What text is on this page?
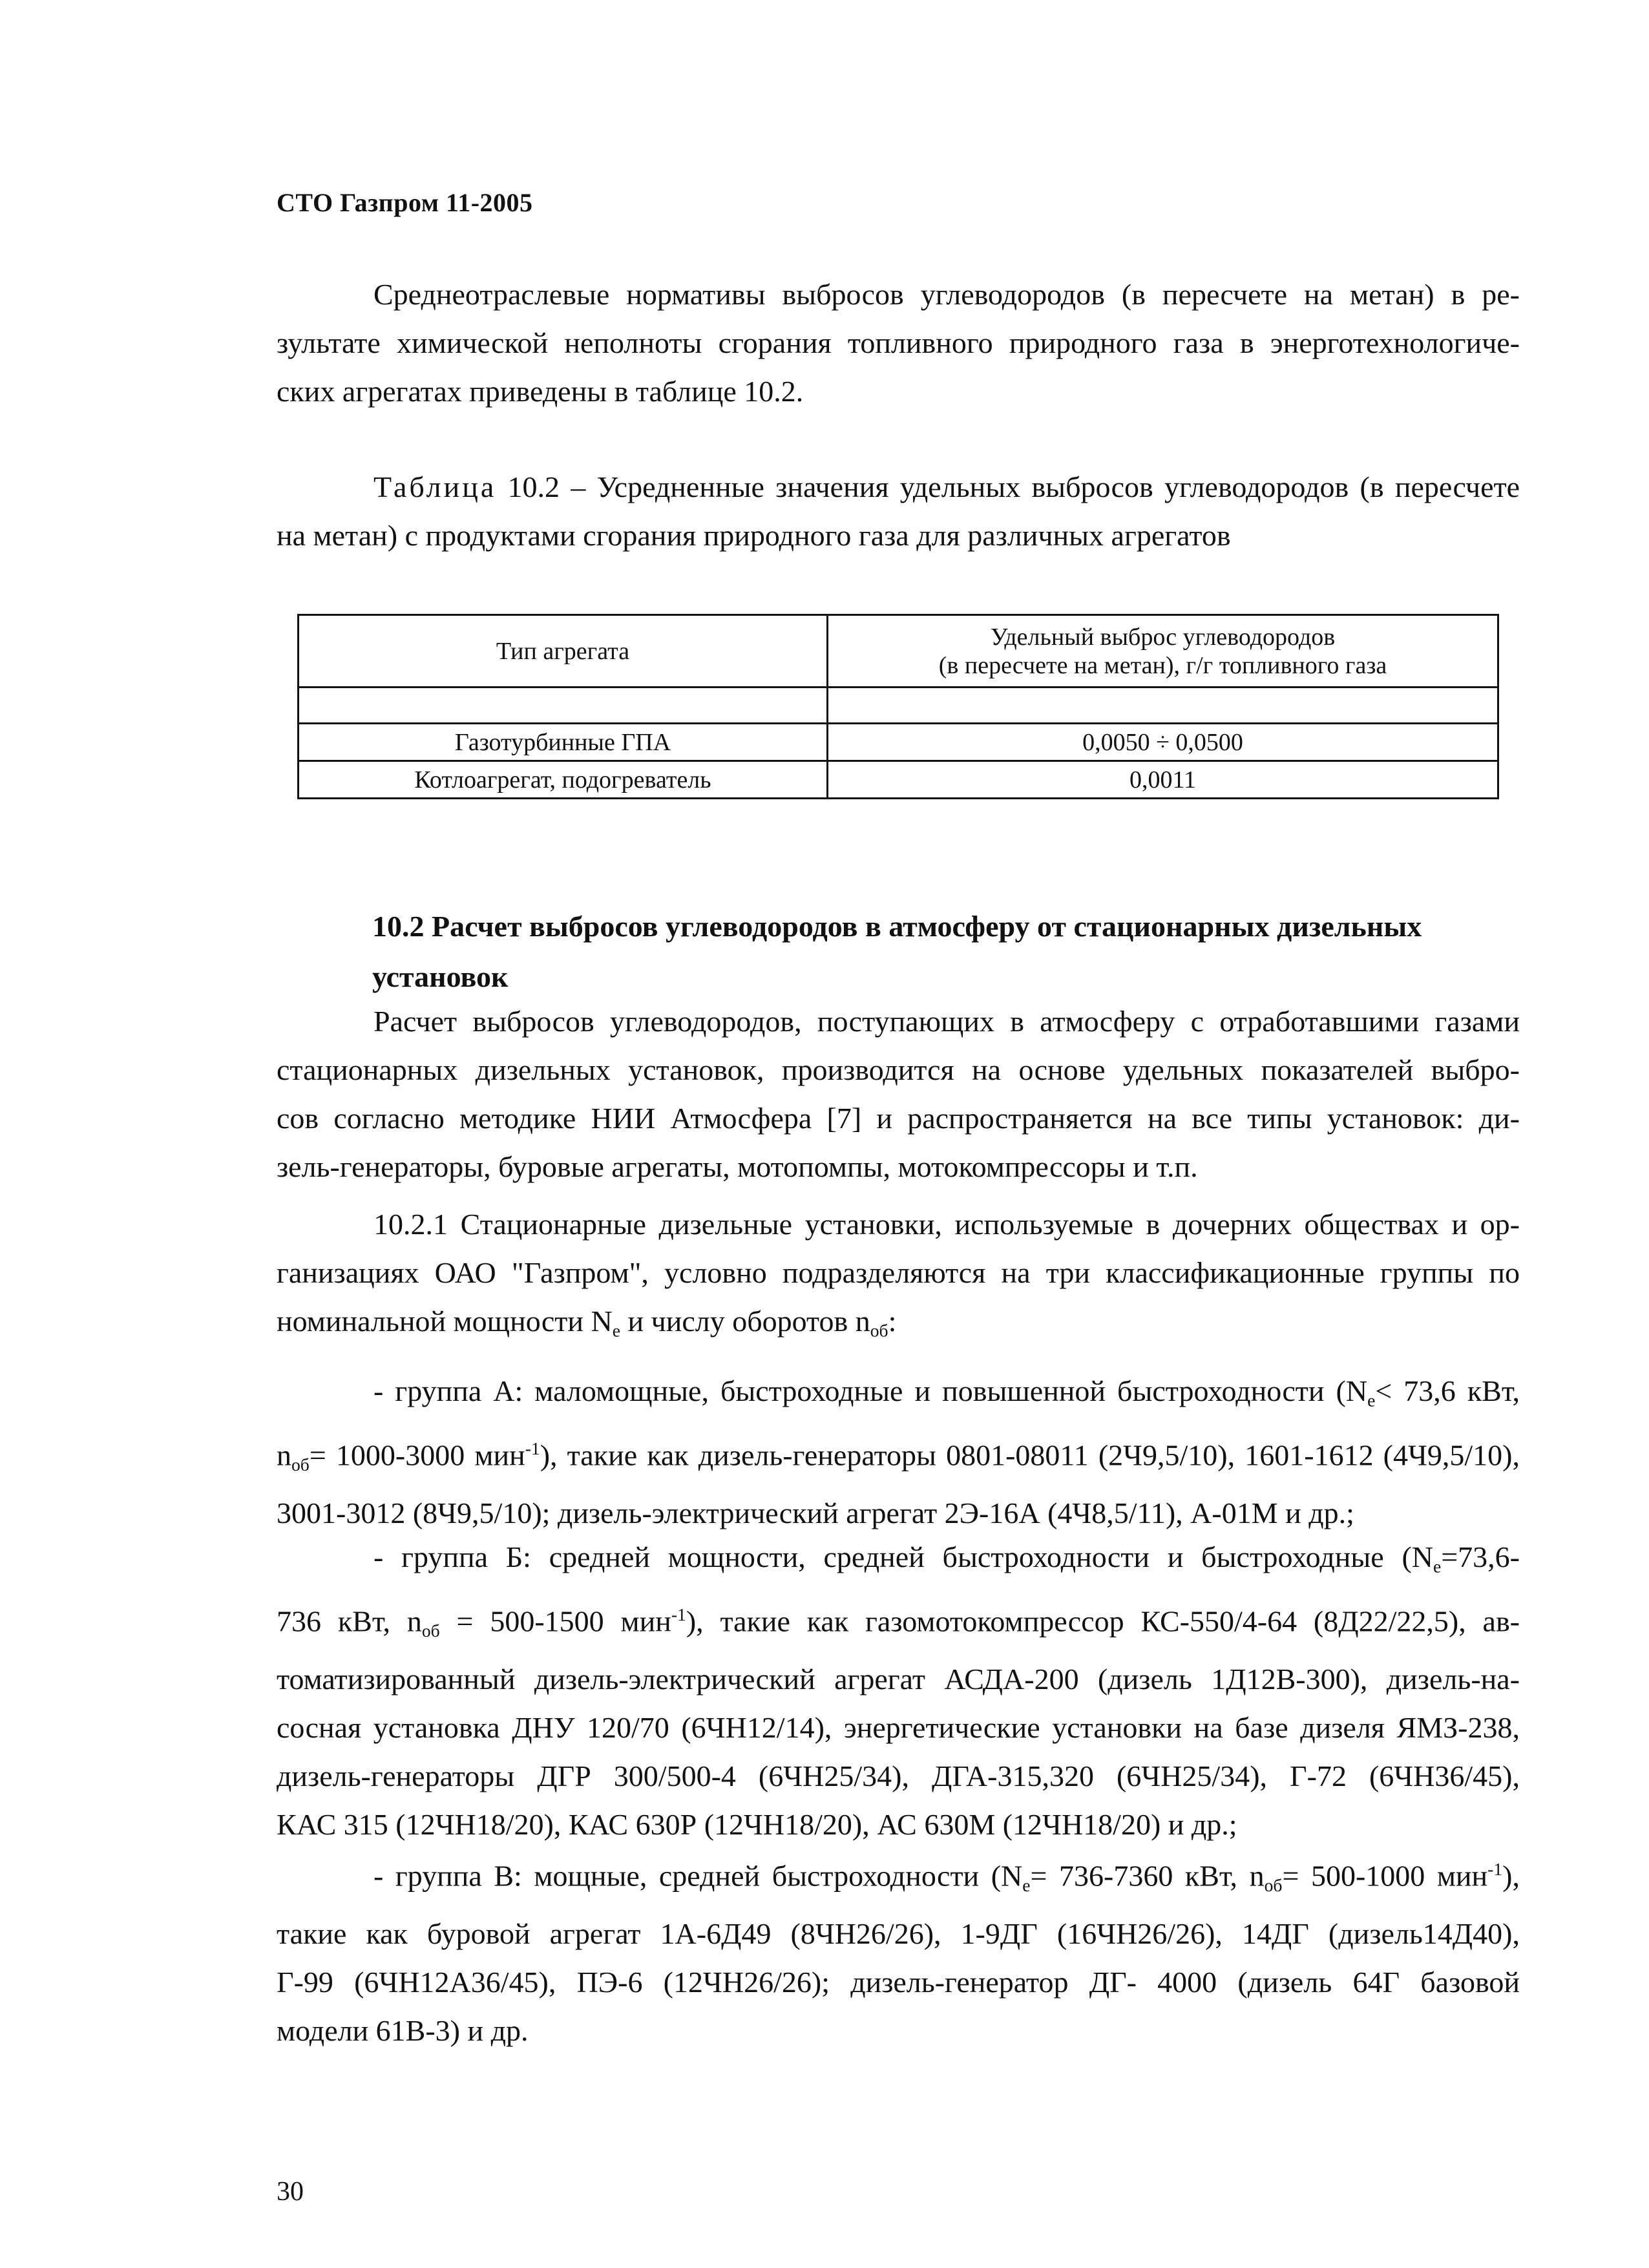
СТО Газпром 11-2005
Среднеотраслевые нормативы выбросов углеводородов (в пересчете на метан) в ре-
зультате химической неполноты сгорания топливного природного газа в энерготехнологиче-
ских агрегатах приведены в таблице 10.2.
Таблица 10.2 – Усредненные значения удельных выбросов углеводородов (в пересчете
на метан) с продуктами сгорания природного газа для различных агрегатов
Тип агрегата	Удельный выброс углеводородов
(в пересчете на метан), г/г топливного газа

Газотурбинные ГПА	0,0050 ÷ 0,0500
Котлоагрегат, подогреватель	0,0011
10.2 Расчет выбросов углеводородов в атмосферу от стационарных дизельных
установок
Расчет выбросов углеводородов, поступающих в атмосферу с отработавшими газами
стационарных дизельных установок, производится на основе удельных показателей выбро-
сов согласно методике НИИ Атмосфера [7] и распространяется на все типы установок: ди-
зель-генераторы, буровые агрегаты, мотопомпы, мотокомпрессоры и т.п.
10.2.1 Стационарные дизельные установки, используемые в дочерних обществах и ор-
ганизациях ОАО "Газпром", условно подразделяются на три классификационные группы по
номинальной мощности $N_e$ и числу оборотов $n_{об}$:
- группа А: маломощные, быстроходные и повышенной быстроходности ($N_e< 73,6$ кВт,
$n_{об}= 1000-3000$ мин$^{-1}$), такие как дизель-генераторы 0801-08011 (2Ч9,5/10), 1601-1612 (4Ч9,5/10),
3001-3012 (8Ч9,5/10); дизель-электрический агрегат 2Э-16А (4Ч8,5/11), А-01М и др.;
- группа Б: средней мощности, средней быстроходности и быстроходные ($N_e=73,6-$
736 кВт, $n_{об} = 500-1500$ мин$^{-1}$), такие как газомотокомпрессор КС-550/4-64 (8Д22/22,5), ав-
томатизированный дизель-электрический агрегат АСДА-200 (дизель 1Д12В-300), дизель-на-
сосная установка ДНУ 120/70 (6ЧН12/14), энергетические установки на базе дизеля ЯМЗ-238,
дизель-генераторы ДГР 300/500-4 (6ЧН25/34), ДГА-315,320 (6ЧН25/34), Г-72 (6ЧН36/45),
КАС 315 (12ЧН18/20), КАС 630Р (12ЧН18/20), АС 630М (12ЧН18/20) и др.;
- группа В: мощные, средней быстроходности ($N_e= 736-7360$ кВт, $n_{об}= 500-1000$ мин$^{-1}$),
такие как буровой агрегат 1А-6Д49 (8ЧН26/26), 1-9ДГ (16ЧН26/26), 14ДГ (дизель14Д40),
Г-99 (6ЧН12А36/45), ПЭ-6 (12ЧН26/26); дизель-генератор ДГ- 4000 (дизель 64Г базовой
модели 61В-3) и др.
30
